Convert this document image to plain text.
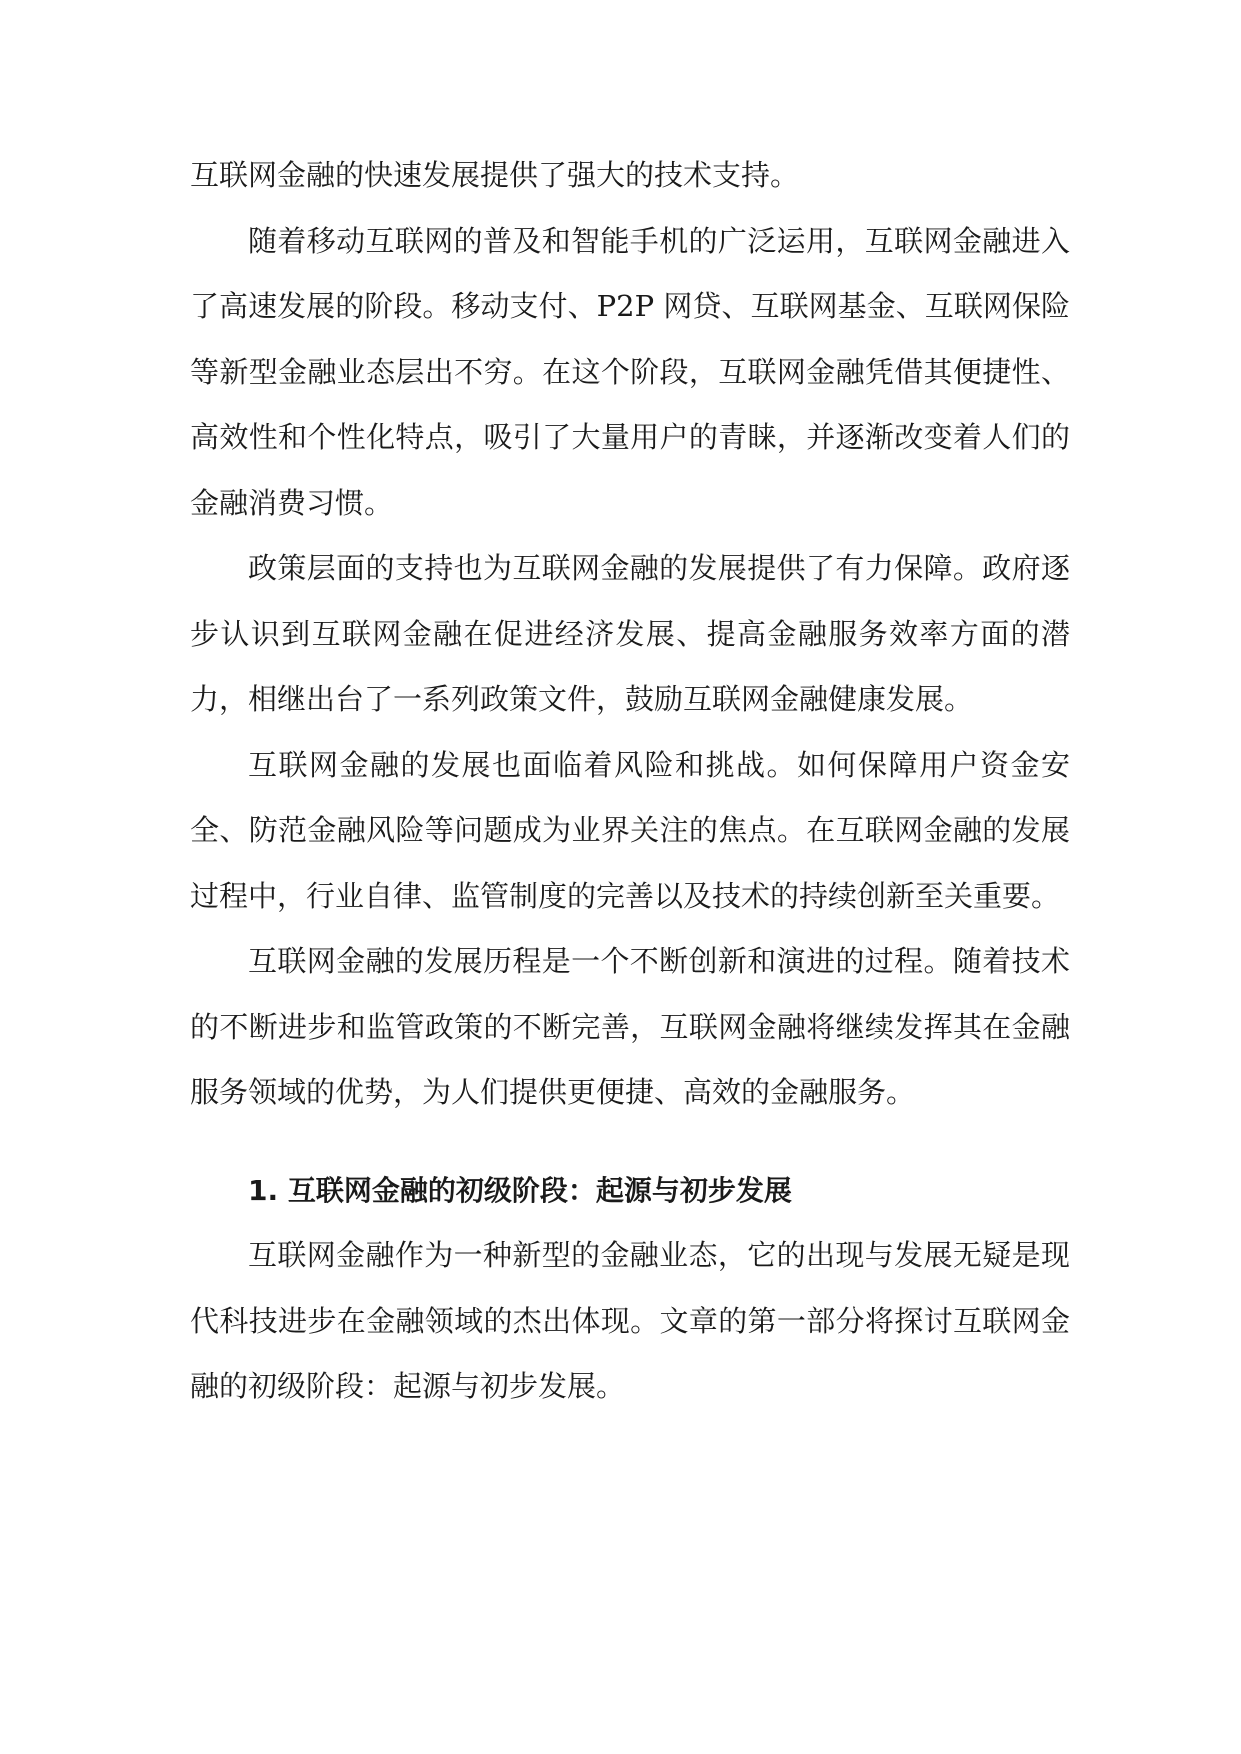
互联网金融的快速发展提供了强大的技术支持。

随着移动互联网的普及和智能手机的广泛运用，互联网金融进入了高速发展的阶段。移动支付、P2P 网贷、互联网基金、互联网保险等新型金融业态层出不穷。在这个阶段，互联网金融凭借其便捷性、高效性和个性化特点，吸引了大量用户的青睐，并逐渐改变着人们的金融消费习惯。

政策层面的支持也为互联网金融的发展提供了有力保障。政府逐步认识到互联网金融在促进经济发展、提高金融服务效率方面的潜力，相继出台了一系列政策文件，鼓励互联网金融健康发展。

互联网金融的发展也面临着风险和挑战。如何保障用户资金安全、防范金融风险等问题成为业界关注的焦点。在互联网金融的发展过程中，行业自律、监管制度的完善以及技术的持续创新至关重要。

互联网金融的发展历程是一个不断创新和演进的过程。随着技术的不断进步和监管政策的不断完善，互联网金融将继续发挥其在金融服务领域的优势，为人们提供更便捷、高效的金融服务。

1. 互联网金融的初级阶段：起源与初步发展

互联网金融作为一种新型的金融业态，它的出现与发展无疑是现代科技进步在金融领域的杰出体现。文章的第一部分将探讨互联网金融的初级阶段：起源与初步发展。
